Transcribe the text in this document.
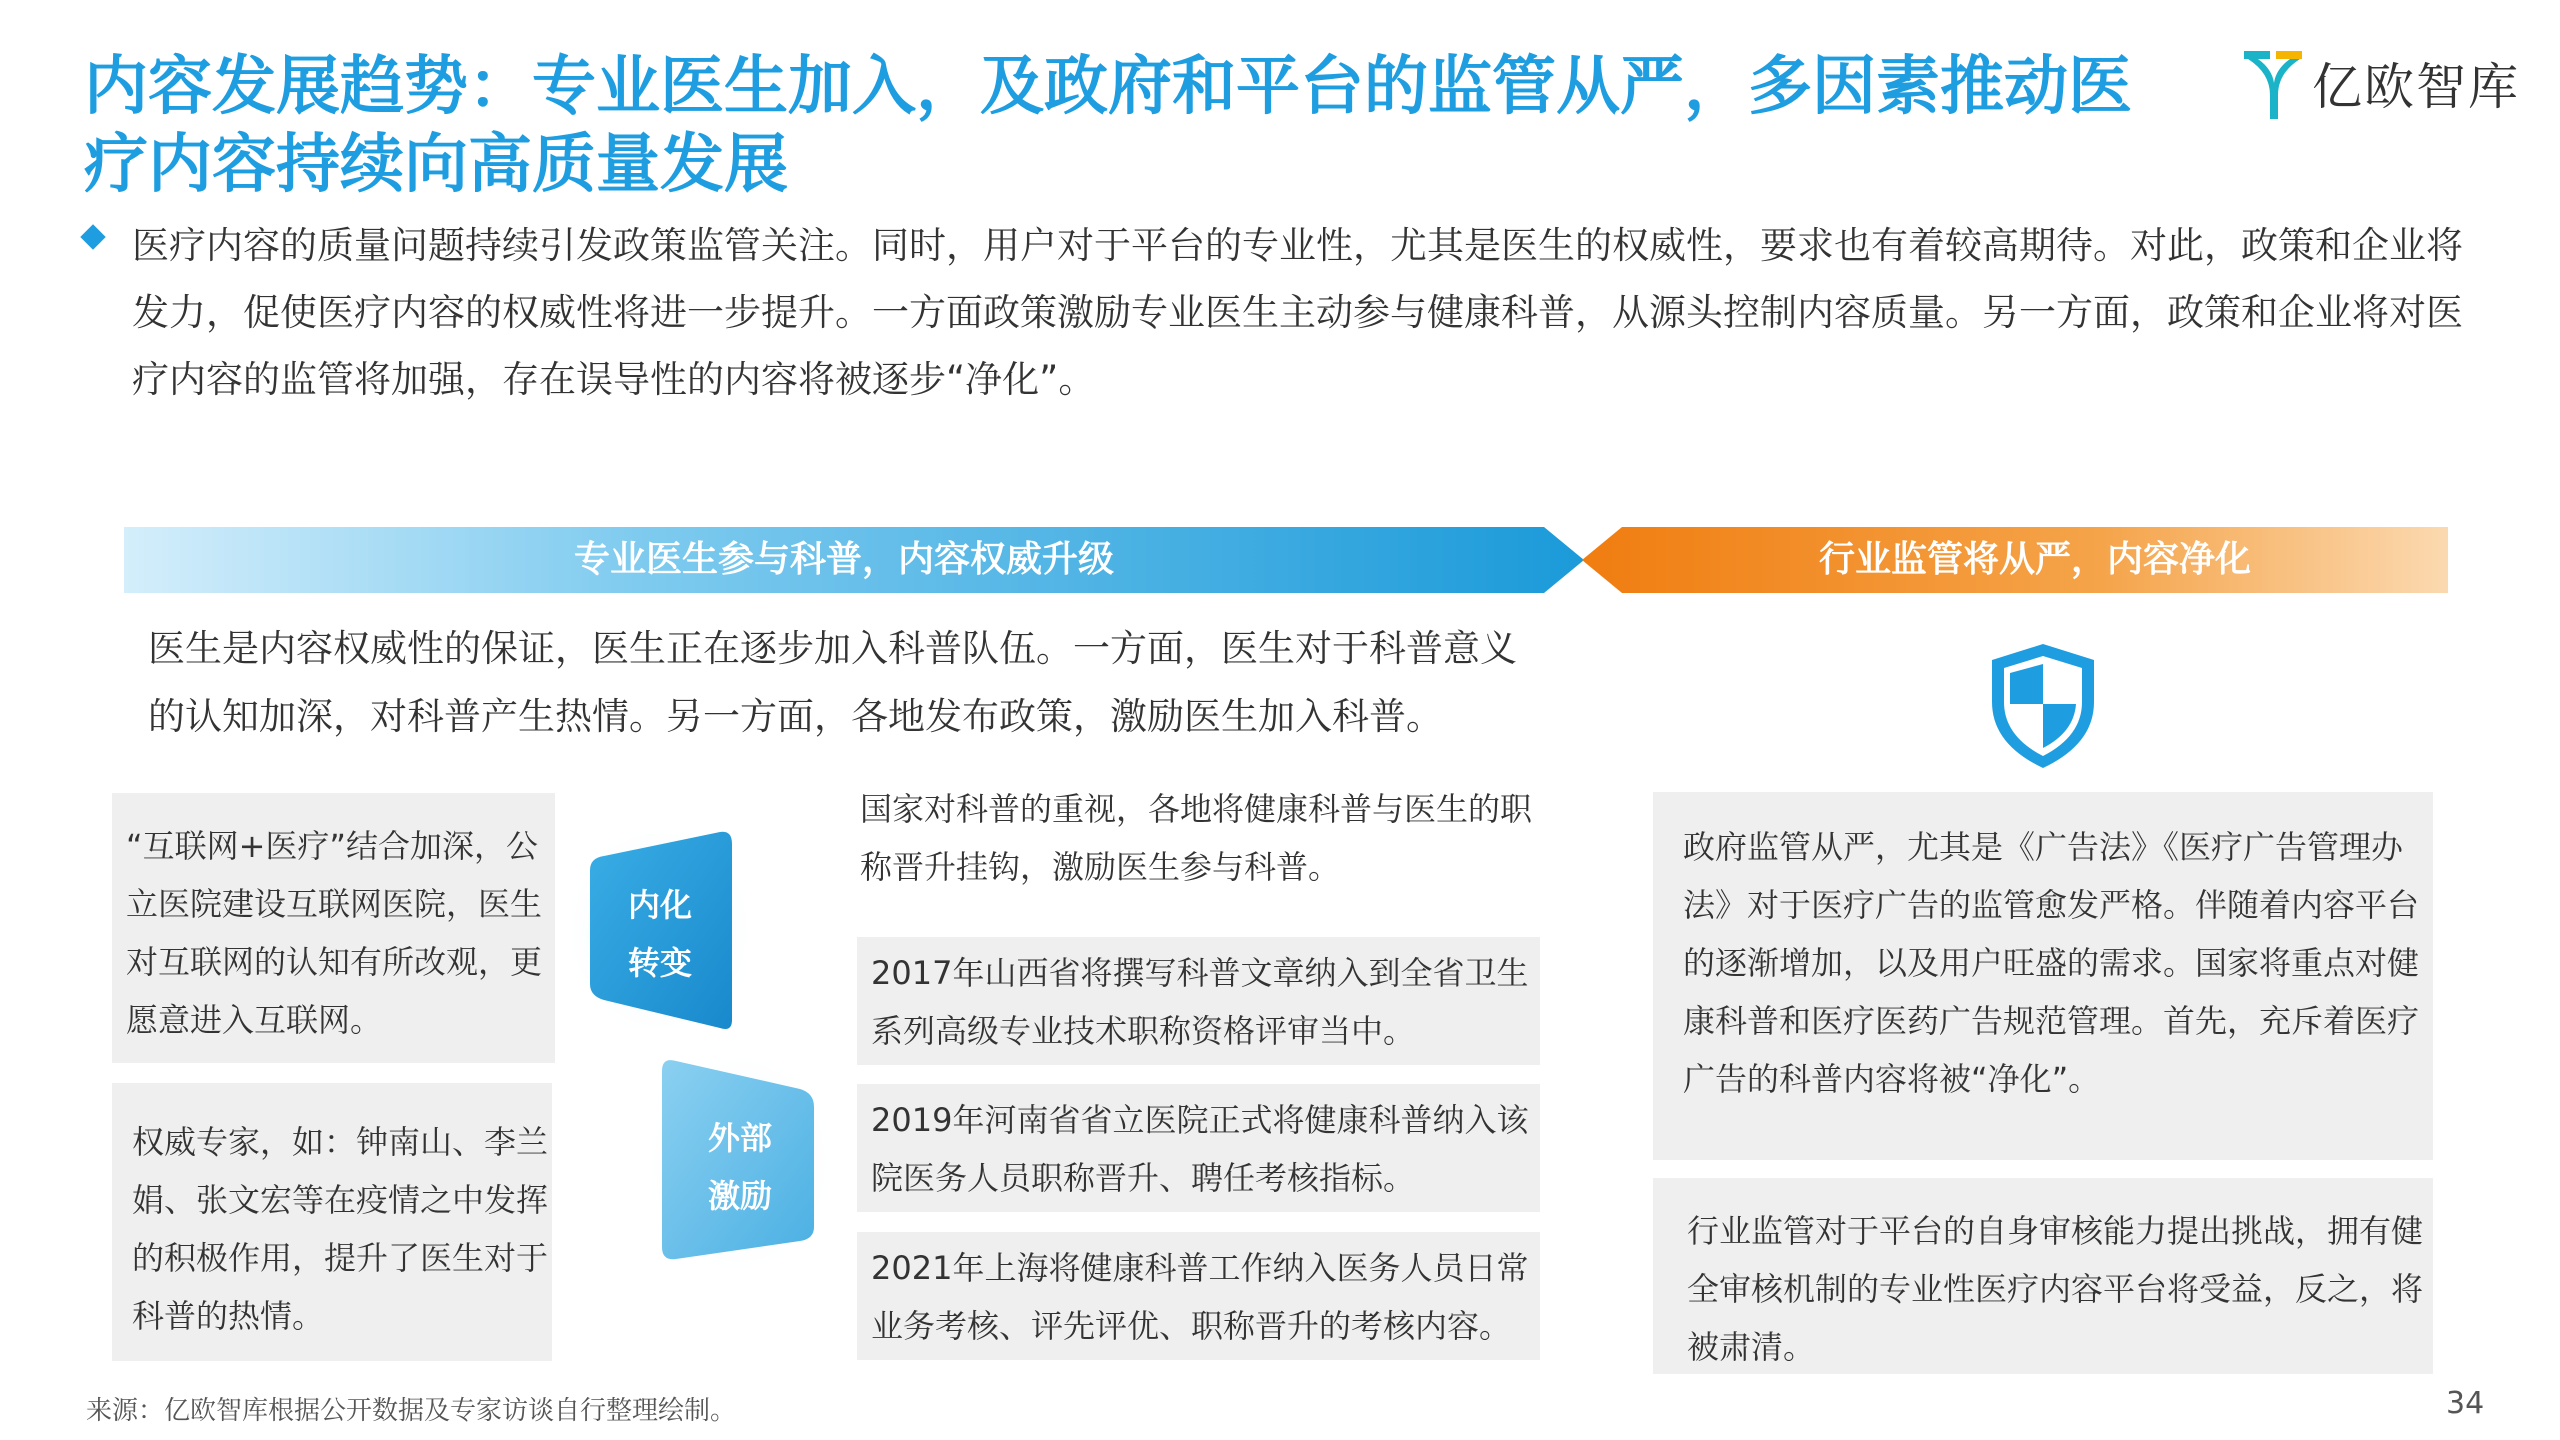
内容发展趋势：专业医生加入，及政府和平台的监管从严，多因素推动医疗内容持续向高质量发展
亿欧智库
医疗内容的质量问题持续引发政策监管关注。同时，用户对于平台的专业性，尤其是医生的权威性，要求也有着较高期待。对此，政策和企业将发力，促使医疗内容的权威性将进一步提升。一方面政策激励专业医生主动参与健康科普，从源头控制内容质量。另一方面，政策和企业将对医疗内容的监管将加强，存在误导性的内容将被逐步“净化”。
专业医生参与科普，内容权威升级	行业监管将从严，内容净化
医生是内容权威性的保证，医生正在逐步加入科普队伍。一方面，医生对于科普意义的认知加深，对科普产生热情。另一方面，各地发布政策，激励医生加入科普。
“互联网+医疗”结合加深，公立医院建设互联网医院，医生对互联网的认知有所改观，更愿意进入互联网。
权威专家，如：钟南山、李兰娟、张文宏等在疫情之中发挥的积极作用，提升了医生对于科普的热情。
内化
转变
外部
激励
国家对科普的重视，各地将健康科普与医生的职称晋升挂钩，激励医生参与科普。
2017年山西省将撰写科普文章纳入到全省卫生系列高级专业技术职称资格评审当中。
2019年河南省省立医院正式将健康科普纳入该院医务人员职称晋升、聘任考核指标。
2021年上海将健康科普工作纳入医务人员日常业务考核、评先评优、职称晋升的考核内容。
政府监管从严，尤其是《广告法》《医疗广告管理办法》对于医疗广告的监管愈发严格。伴随着内容平台的逐渐增加，以及用户旺盛的需求。国家将重点对健康科普和医疗医药广告规范管理。首先，充斥着医疗广告的科普内容将被“净化”。
行业监管对于平台的自身审核能力提出挑战，拥有健全审核机制的专业性医疗内容平台将受益，反之，将被肃清。
来源：亿欧智库根据公开数据及专家访谈自行整理绘制。	34
